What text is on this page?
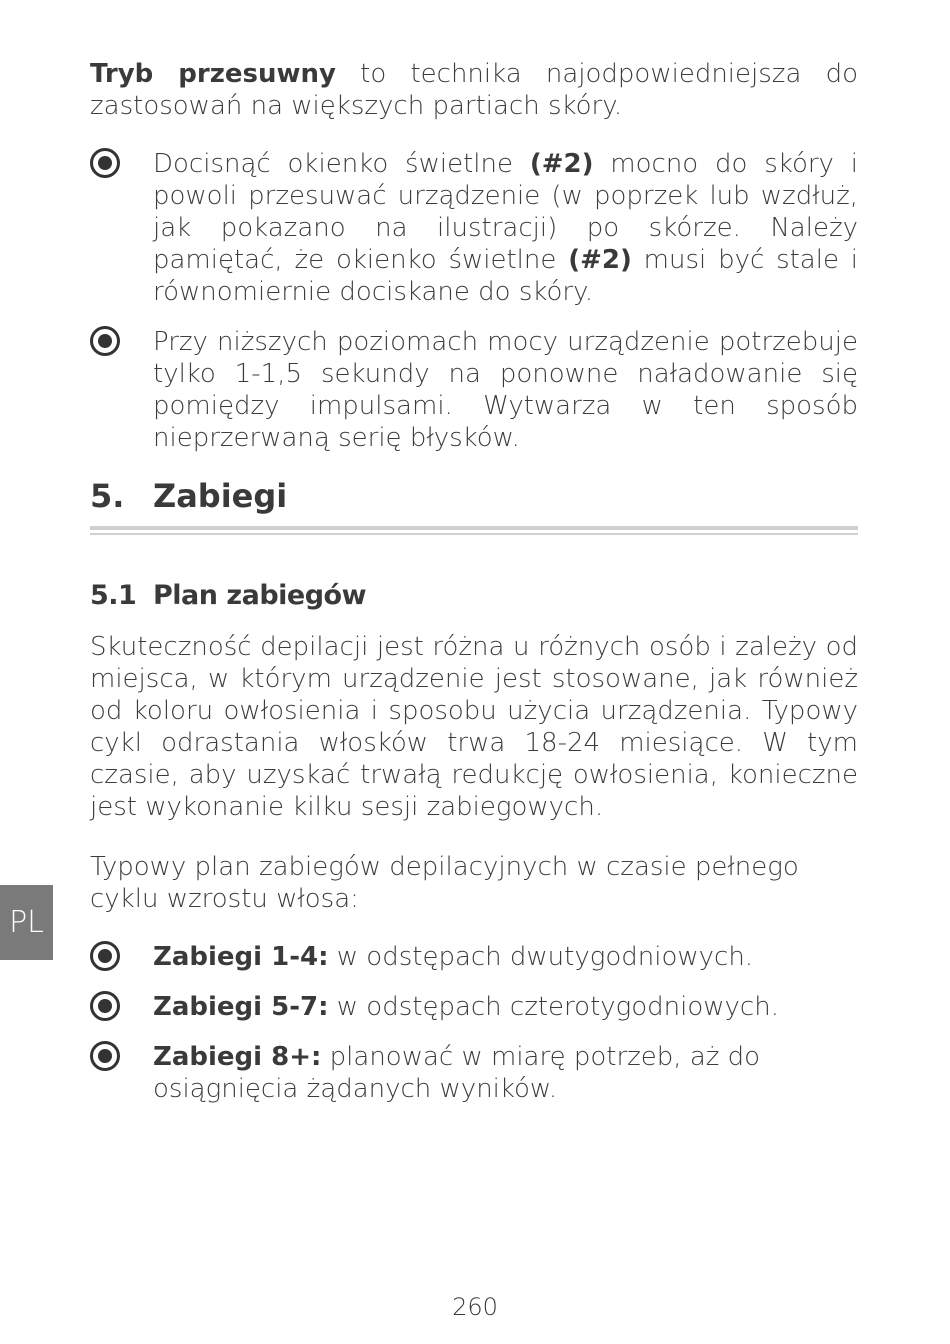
Tryb przesuwny to technika najodpowiedniejsza do zastosowań na większych partiach skóry.

Docisnąć okienko świetlne (#2) mocno do skóry i powoli przesuwać urządzenie (w poprzek lub wzdłuż, jak pokazano na ilustracji) po skórze. Należy pamiętać, że okienko świetlne (#2) musi być stale i równomiernie dociskane do skóry.

Przy niższych poziomach mocy urządzenie potrzebuje tylko 1-1,5 sekundy na ponowne naładowanie się pomiędzy impulsami. Wytwarza w ten sposób nieprzerwaną serię błysków.

5. Zabiegi
5.1 Plan zabiegów

Skuteczność depilacji jest różna u różnych osób i zależy od miejsca, w którym urządzenie jest stosowane, jak również od koloru owłosienia i sposobu użycia urządzenia. Typowy cykl odrastania włosków trwa 18-24 miesiące. W tym czasie, aby uzyskać trwałą redukcję owłosienia, konieczne jest wykonanie kilku sesji zabiegowych.

Typowy plan zabiegów depilacyjnych w czasie pełnego cyklu wzrostu włosa:

Zabiegi 1-4: w odstępach dwutygodniowych.

Zabiegi 5-7: w odstępach czterotygodniowych.

Zabiegi 8+: planować w miarę potrzeb, aż do osiągnięcia żądanych wyników.

PL
260
